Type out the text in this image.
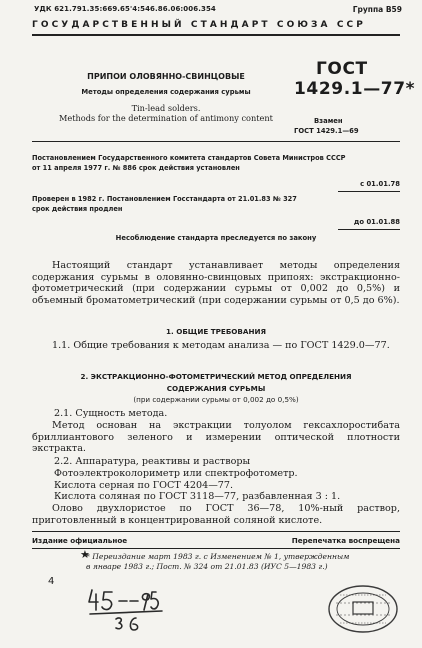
УДК 621.791.35:669.65'4:546.86.06:006.354	Группа В59
ГОСУДАРСТВЕННЫЙ СТАНДАРТ СОЮЗА ССР
ПРИПОИ ОЛОВЯННО-СВИНЦОВЫЕ
Методы определения содержания сурьмы
Tin-lead solders.
Methods for the determination of antimony content
ГОСТ
1429.1—77*
Взамен
ГОСТ 1429.1—69
Постановлением Государственного комитета стандартов Совета Министров СССР
от 11 апреля 1977 г. № 886 срок действия установлен
с 01.01.78
Проверен в 1982 г. Постановлением Госстандарта от 21.01.83 № 327
срок действия продлен
до 01.01.88
Несоблюдение стандарта преследуется по закону

Настоящий стандарт устанавливает методы определения содержания сурьмы в оловянно-свинцовых припоях: экстракционно-фотометрический (при содержании сурьмы от 0,002 до 0,5%) и объемный броматометрический (при содержании сурьмы от 0,5 до 6%).

1. ОБЩИЕ ТРЕБОВАНИЯ

1.1. Общие требования к методам анализа — по ГОСТ 1429.0—77.

2. ЭКСТРАКЦИОННО-ФОТОМЕТРИЧЕСКИЙ МЕТОД ОПРЕДЕЛЕНИЯ
СОДЕРЖАНИЯ СУРЬМЫ
(при содержании сурьмы от 0,002 до 0,5%)
2.1. Сущность метода.

Метод основан на экстракции толуолом гексахлоростибата бриллиантового зеленого и измерении оптической плотности экстракта.

2.2. Аппаратура, реактивы и растворы
Фотоэлектроколориметр или спектрофотометр.
Кислота серная по ГОСТ 4204—77.
Кислота соляная по ГОСТ 3118—77, разбавленная 3 : 1.

Олово двухлористое по ГОСТ 36—78, 10%-ный раствор, приготовленный в концентрированной соляной кислоте.

Издание официальное	Перепечатка воспрещена
★
* Переиздание март 1983 г. с Изменением № 1, утвержденным
в январе 1983 г.; Пост. № 324 от 21.01.83 (ИУС 5—1983 г.)
4
